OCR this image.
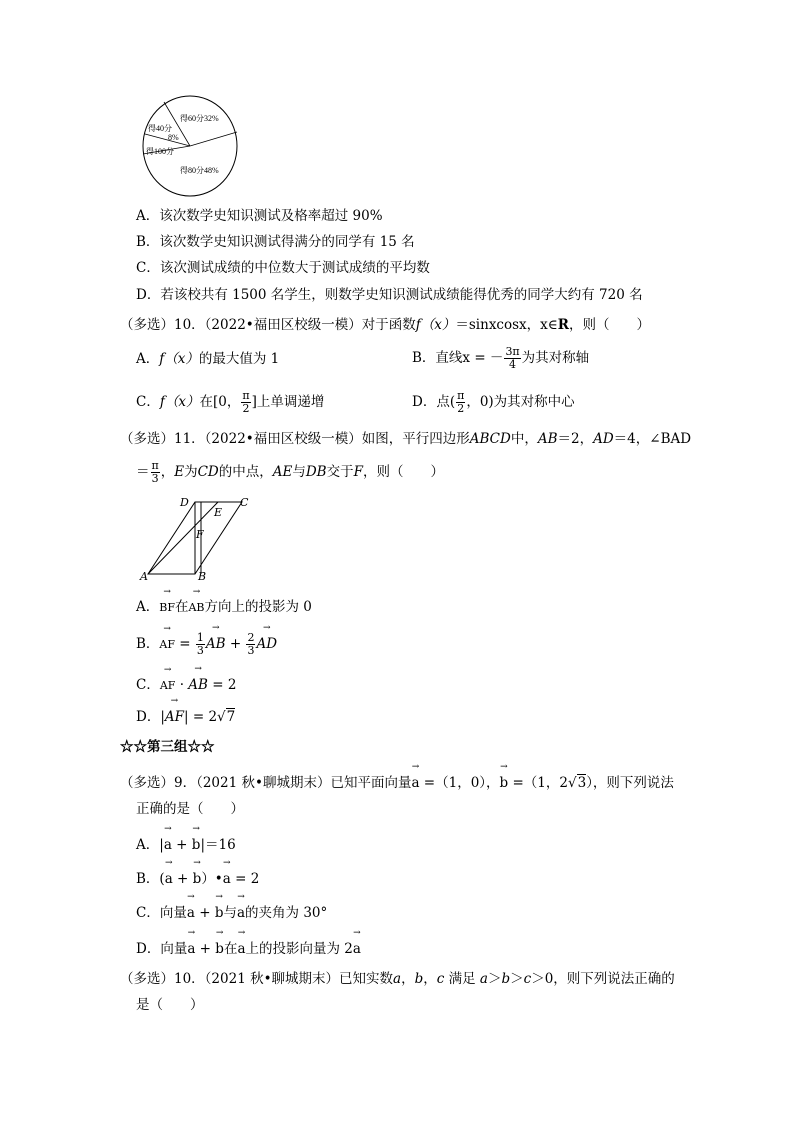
得60分32%
得40分
8%
得100分
得80分48%
A．该次数学史知识测试及格率超过 90%
B．该次数学史知识测试得满分的同学有 15 名
C．该次测试成绩的中位数大于测试成绩的平均数
D．若该校共有 1500 名学生，则数学史知识测试成绩能得优秀的同学大约有 720 名
（多选）10．（2022•福田区校级一模）对于函数f（x）＝sinxcosx，x∈R，则（　　）
A．f（x）的最大值为 1	B．直线x = － $\frac{3\pi}{4}$ 为其对称轴
C．f（x）在[0， $\frac{\pi}{2}$ ]上单调递增	D．点( $\frac{\pi}{2}$ ，0)为其对称中心
（多选）11．（2022•福田区校级一模）如图，平行四边形ABCD中，AB＝2，AD＝4，∠BAD
＝ $\frac{\pi}{3}$ ，E为CD的中点，AE与DB交于F，则（　　）
D	C
E
F
A	B
A．→ BF在→ AB方向上的投影为 0
B．→ AF = $\frac{1}{3}$ → AB + $\frac{2}{3}$ → AD
C．→ AF · → AB = 2
D．|→ AF| = 2√7
☆☆第三组☆☆
（多选）9．（2021 秋•聊城期末）已知平面向量→ a =（1，0），→ b =（1，2√3），则下列说法
正确的是（　　）
A．|→ a + → b|＝16
B．(→ a + → b）•→ a = 2
C．向量→ a + → b与→ a的夹角为 30°
D．向量→ a + → b在→ a上的投影向量为 2→ a
（多选）10．（2021 秋•聊城期末）已知实数a，b，c 满足 a＞b＞c＞0，则下列说法正确的
是（　　）
